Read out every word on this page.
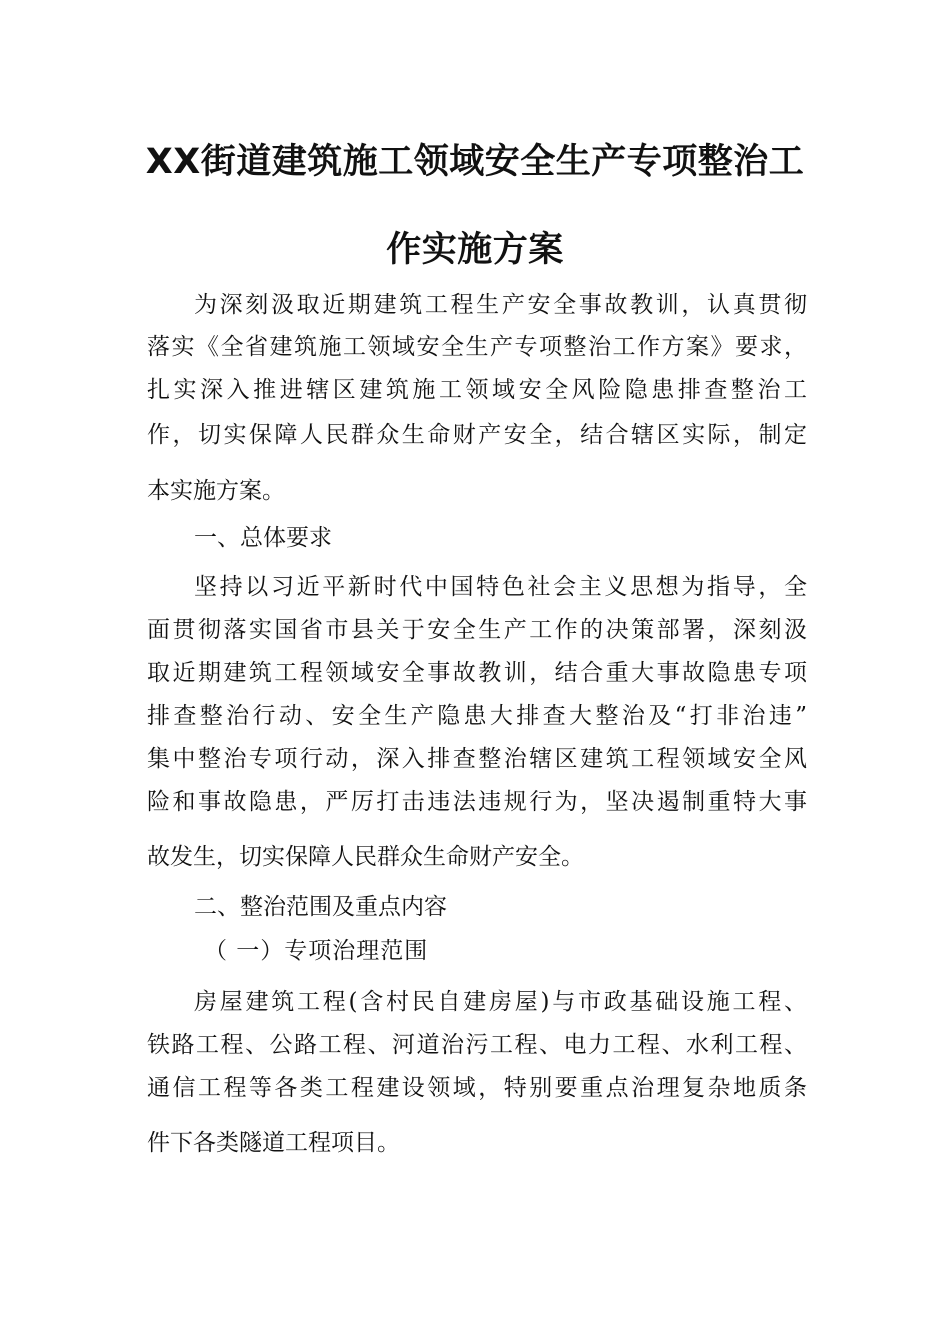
XX街道建筑施工领域安全生产专项整治工
作实施方案
为深刻汲取近期建筑工程生产安全事故教训，认真贯彻
落实《全省建筑施工领域安全生产专项整治工作方案》要求，
扎实深入推进辖区建筑施工领域安全风险隐患排查整治工
作，切实保障人民群众生命财产安全，结合辖区实际，制定
本实施方案。
一、总体要求
坚持以习近平新时代中国特色社会主义思想为指导，全
面贯彻落实国省市县关于安全生产工作的决策部署，深刻汲
取近期建筑工程领域安全事故教训，结合重大事故隐患专项
排查整治行动、安全生产隐患大排查大整治及“打非治违”
集中整治专项行动，深入排查整治辖区建筑工程领域安全风
险和事故隐患，严厉打击违法违规行为，坚决遏制重特大事
故发生，切实保障人民群众生命财产安全。
二、整治范围及重点内容
（ 一）专项治理范围
房屋建筑工程(含村民自建房屋)与市政基础设施工程、
铁路工程、公路工程、河道治污工程、电力工程、水利工程、
通信工程等各类工程建设领域，特别要重点治理复杂地质条
件下各类隧道工程项目。
